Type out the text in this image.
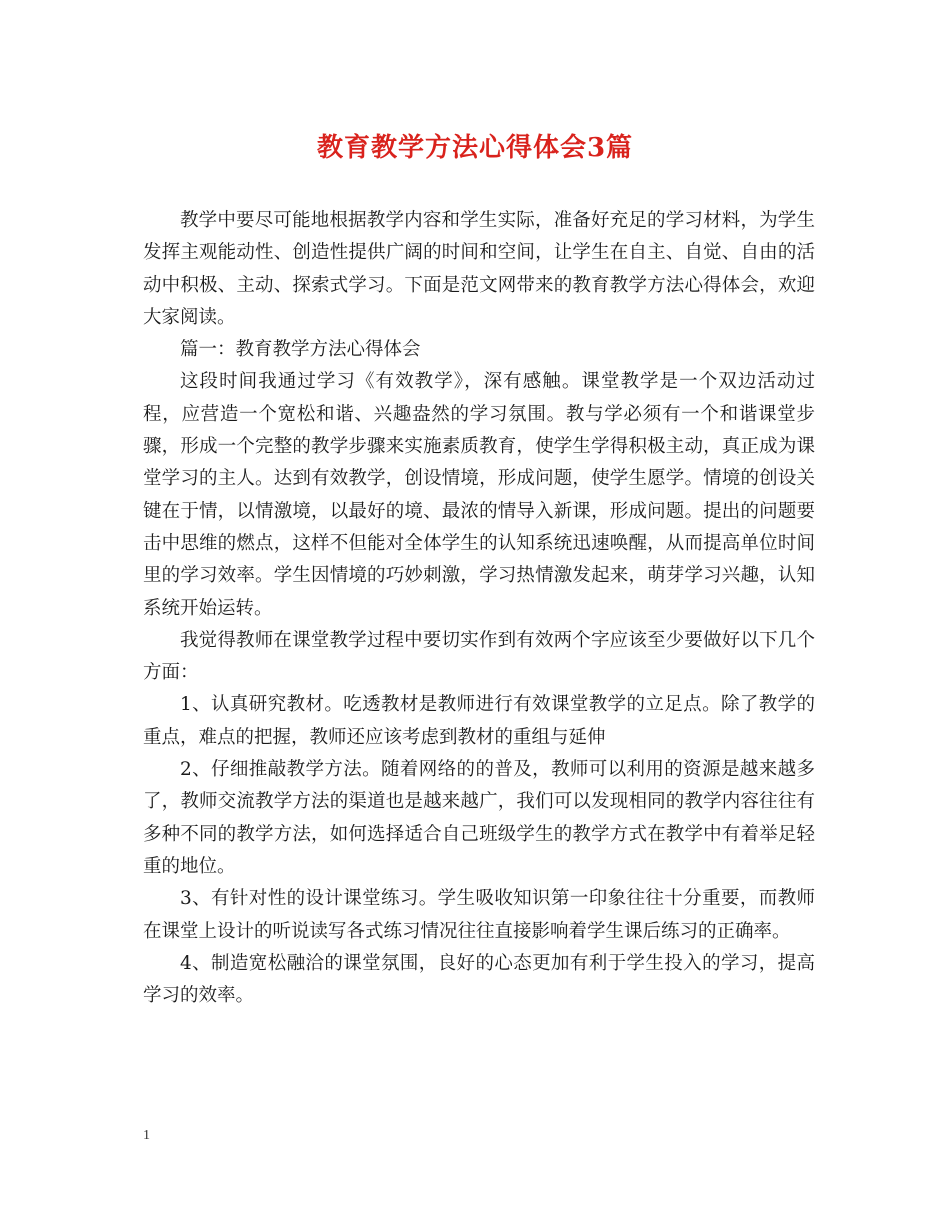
教育教学方法心得体会3篇

教学中要尽可能地根据教学内容和学生实际，准备好充足的学习材料，为学生发挥主观能动性、创造性提供广阔的时间和空间，让学生在自主、自觉、自由的活动中积极、主动、探索式学习。下面是范文网带来的教育教学方法心得体会，欢迎大家阅读。

篇一：教育教学方法心得体会

这段时间我通过学习《有效教学》，深有感触。课堂教学是一个双边活动过程，应营造一个宽松和谐、兴趣盎然的学习氛围。教与学必须有一个和谐课堂步骤，形成一个完整的教学步骤来实施素质教育，使学生学得积极主动，真正成为课堂学习的主人。达到有效教学，创设情境，形成问题，使学生愿学。情境的创设关键在于情，以情激境，以最好的境、最浓的情导入新课，形成问题。提出的问题要击中思维的燃点，这样不但能对全体学生的认知系统迅速唤醒，从而提高单位时间里的学习效率。学生因情境的巧妙刺激，学习热情激发起来，萌芽学习兴趣，认知系统开始运转。

我觉得教师在课堂教学过程中要切实作到有效两个字应该至少要做好以下几个方面：

1、认真研究教材。吃透教材是教师进行有效课堂教学的立足点。除了教学的重点，难点的把握，教师还应该考虑到教材的重组与延伸

2、仔细推敲教学方法。随着网络的的普及，教师可以利用的资源是越来越多了，教师交流教学方法的渠道也是越来越广，我们可以发现相同的教学内容往往有多种不同的教学方法，如何选择适合自己班级学生的教学方式在教学中有着举足轻重的地位。

3、有针对性的设计课堂练习。学生吸收知识第一印象往往十分重要，而教师在课堂上设计的听说读写各式练习情况往往直接影响着学生课后练习的正确率。

4、制造宽松融洽的课堂氛围，良好的心态更加有利于学生投入的学习，提高学习的效率。

1
